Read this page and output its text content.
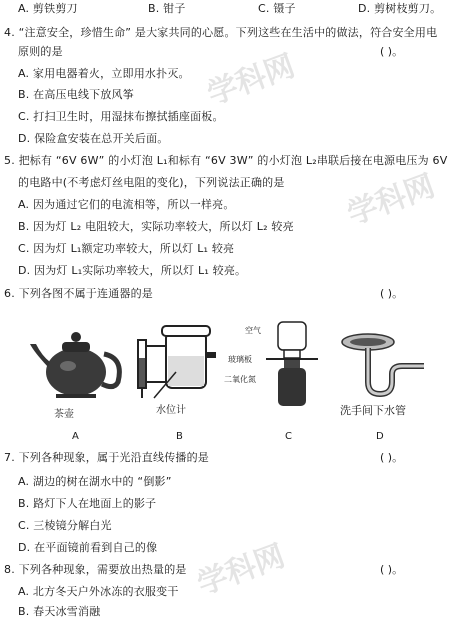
学科网
学科网
学科网
A. 剪铁剪刀	B. 钳子	C. 镊子	D. 剪树枝剪刀。
4. “注意安全，珍惜生命” 是大家共同的心愿。下列这些在生活中的做法，符合安全用电
原则的是	( )。
A. 家用电器着火，立即用水扑灭。
B. 在高压电线下放风筝
C. 打扫卫生时，用湿抹布擦拭插座面板。
D. 保险盒安装在总开关后面。
5. 把标有 “6V 6W” 的小灯泡 L₁和标有 “6V 3W” 的小灯泡 L₂串联后接在电源电压为 6V
的电路中(不考虑灯丝电阻的变化)，下列说法正确的是
A. 因为通过它们的电流相等，所以一样亮。
B. 因为灯 L₂ 电阻较大，实际功率较大，所以灯 L₂ 较亮
C. 因为灯 L₁额定功率较大，所以灯 L₁ 较亮
D. 因为灯 L₁实际功率较大，所以灯 L₁ 较亮。
6. 下列各图不属于连通器的是	( )。
茶壶	水位计
空气
玻璃板
二氧化氮
洗手间下水管
A	B	C	D
7. 下列各种现象，属于光沿直线传播的是	( )。
A. 湖边的树在湖水中的 “倒影”
B. 路灯下人在地面上的影子
C. 三棱镜分解白光
D. 在平面镜前看到自己的像
8. 下列各种现象，需要放出热量的是	( )。
A. 北方冬天户外冰冻的衣服变干
B. 春天冰雪消融
